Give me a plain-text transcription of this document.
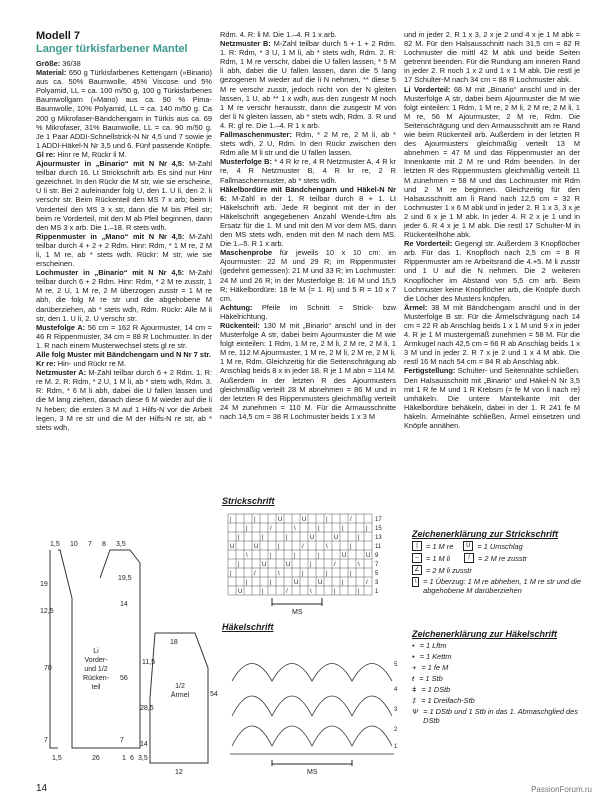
Modell 7

Langer türkisfarbener Mantel

Größe: 36/38

Material: 650 g Türkisfarbenes Kettengarn (»Binario) aus ca. 50% Baumwolle, 45% Viscose und 5% Polyamid, LL = ca. 100 m/50 g, 100 g Türkisfarbenes Baumwollgarn (»Mano) aus ca. 90 % Pima-Baumwolle, 10% Polyamid, LL = ca. 140 m/50 g. Ca 200 g Mikrofaser-Bändchengarn in Türkis aus ca. 69 % Mikrofaser, 31% Baumwolle, LL = ca. 90 m/50 g. Je 1 Paar ADDI-Schnellstrick-N Nr 4,5 und 7 sowie je 1 ADDI-Häkel-N Nr 3,5 und 6. Fünf passende Knöpfe.

Gl re: Hinr re M, Rückr li M.

Ajourmuster in „Binario“ mit N Nr 4,5: M-Zahl teilbar durch 16. Lt Strickschrift arb. Es sind nur Hinr gezeichnet. In den Rückr die M str, wie sie erscheine, U li str. Bei 2 aufeinander folg U, den 1. U li, den 2. li verschr str. Beim Rückenteil den MS 7 x arb; beim li Vorderteil den MS 3 x str, dann die M bis Pfeil str; beim re Vorderteil, mit den M ab Pfeil beginnen, dann den MS 3 x arb. Die 1.–18. R stets wdh.

Rippenmuster in „Mano“ mit N Nr 4,5: M-Zahl teilbar durch 4 + 2 + 2 Rdm. Hinr: Rdm, * 1 M re, 2 M li, 1 M re, ab * stets wdh. Rückr: M str, wie sie erscheinen.

Lochmuster in „Binario“ mit N Nr 4,5: M-Zahl teilbar durch 6 + 2 Rdm. Hinr: Rdm, * 2 M re zusstr, 1 M re, 2 U, 1 M re, 2 M überzogen zusstr = 1 M re abh, die folg M re str und die abgehobene M darüberziehen, ab * stets wdh, Rdm. Rückr: Alle M li str, den 1. U li, 2. U verschr str.

Mustefolge A: 56 cm = 162 R Ajourmuster, 14 cm = 46 R Rippenmuster, 34 cm = 88 R Lochmuster. In der 1. R nach einem Musterwechsel stets gl re str.

Alle folg Muster mit Bändchengarn und N Nr 7 str.

Kr re: Hin- und Rückr re M.

Netzmuster A: M-Zahl teilbar durch 6 + 2 Rdm. 1. R: re M. 2. R: Rdm, * 2 U, 1 M li, ab * stets wdh, Rdm. 3. R: Rdm, * 6 M li abh, dabei die U fallen lassen und die M lang ziehen, danach diese 6 M wieder auf die li N heben; die ersten 3 M auf 1 Hilfs-N vor die Arbeit legen, 3 M re str und die M der Hilfs-N re str, ab * stets wdh,

Rdm. 4. R: li M. Die 1.–4. R 1 x arb.

Netzmuster B: M-Zahl teilbar durch 5 + 1 + 2 Rdm. 1. R: Rdm, * 3 U, 1 M li, ab * stets wdh, Rdm. 2. R: Rdm, 1 M re verschr, dabei die U fallen lassen, * 5 M li abh, dabei die U fallen lassen, dann die 5 lang gezogenen M wieder auf die li N nehmen, ** diese 5 M re verschr zusstr, jedoch nicht von der N gleiten lassen, 1 U, ab ** 1 x wdh, aus den zusgestr M noch 1 M re verschr herausstr, dann die zusgestr M von der li N gleiten lassen, ab * stets wdh, Rdm. 3. R und 4. R: gl re. Die 1.–4. R 1 x arb.

Fallmaschenmuster: Rdm, * 2 M re, 2 M li, ab * stets wdh, 2 U, Rdm. In den Rückr zwischen den Rdm alle M li str und die U fallen lassen.

Musterfolge B: * 4 R kr re, 4 R Netzmuster A, 4 R kr re, 4 R Netzmuster B, 4 R kr re, 2 R Fallmaschenmuster, ab * stets wdh.

Häkelbordüre mit Bändchengarn und Häkel-N Nr 6: M-Zahl in der 1. R teilbar durch 8 + 1. Lt Häkelschrift arb. Jede R beginnt mit der in der Häkelschrift angegebenen Anzahl Wende-Lftm als Ersatz für die 1. M und mit den M vor dem MS, dann den MS stets wdh, enden mit den M nach dem MS. Die 1.–5. R 1 x arb.

Maschenprobe für jeweils 10 x 10 cm: im Ajourmuster: 22 M und 29 R; im Rippenmuster (gedehnt gemessen): 21 M und 33 R; im Lochmuster: 24 M und 26 R; in der Musterfolge B: 16 M und 15,5 R; Häkelbordüre: 18 fe M (= 1. R) und 5 R = 10 x 7 cm.

Achtung: Pfeile im Schnitt = Strick- bzw Häkelrichtung.

Rückenteil: 130 M mit „Binario“ anschl und in der Musterfolge A str, dabei beim Ajourmuster die M wie folgt einteilen: 1 Rdm, 1 M re, 2 M li, 2 M re, 2 M li, 1 M re, 112 M Ajourmuster, 1 M re, 2 M li, 2 M re, 2 M li, 1 M re, Rdm. Gleichzeitig für die Seitenschrägung ab Anschlag beids 8 x in jeder 18. R je 1 M abn = 114 M. Außerdem in der letzten R des Ajourmusters gleichmäßig verteilt 28 M abnehmen = 86 M und in der letzten R des Rippenmusters gleichmäßig verteilt 24 M zunehmen = 110 M. Für die Armausschnitte nach 14,5 cm = 38 R Lochmuster beids 1 x 3 M

und in jeder 2. R 1 x 3, 2 x je 2 und 4 x je 1 M abk = 82 M. Für den Halsausschnitt nach 31,5 cm = 82 R Lochmuster die mittl 42 M abk und beide Seiten getrennt beenden. Für die Rundung am inneren Rand in jeder 2. R noch 1 x 2 und 1 x 1 M abk. Die restl je 17 Schulter-M nach 34 cm = 88 R Lochmuster abk.

Li Vorderteil: 68 M mit „Binario“ anschl und in der Musterfolge A str, dabei beim Ajourmuster die M wie folgt einteilen: 1 Rdm, 1 M re, 2 M li, 2 M re, 2 M li, 1 M re, 56 M Ajourmuster, 2 M re, Rdm. Die Seitenschrägung und den Armausschnitt am re Rand wie beim Rückenteil arb. Außerdem in der letzten R des Ajourmusters gleichmäßig verteilt 13 M abnehmen = 47 M und das Rippenmuster an der Innenkante mit 2 M re und Rdm beenden. In der letzten R des Rippenmusters gleichmäßig verteilt 11 M zunehmen = 58 M und das Lochmuster mit Rdm und 2 M re beginnen. Gleichzeitig für den Halsausschnitt am li Rand nach 12,5 cm = 32 R Lochmuster 1 x 6 M abk und in jeder 2. R 1 x 3, 3 x je 2 und 6 x je 1 M abk. In jeder 4. R 2 x je 1 und in jeder 6. R 4 x je 1 M abk. Die restl 17 Schulter-M in Rückenteilhöhe abk.

Re Vorderteil: Gegengl str. Außerdem 3 Knopflöcher arb. Für das 1. Knopfloch nach 2,5 cm = 8 R Rippenmuster am re Arbeitsrand die 4.+5. M li zusstr und 1 U auf die N nehmen. Die 2 weiteren Knopflöcher im Abstand von 5,5 cm arb. Beim Lochmuster keine Knopflöcher arb, die Knöpfe durch die Löcher des Musters knöpfen.

Ärmel: 38 M mit Bändchengarn anschl und in der Musterfolge B str. Für die Ärmelschrägung nach 14 cm = 22 R ab Anschlag beids 1 x 1 M und 9 x in jeder 4. R je 1 M mustergemäß zunehmen = 58 M. Für die Armkugel nach 42,5 cm = 66 R ab Anschlag beids 1 x 3 M und in jeder 2. R 7 x je 2 und 1 x 4 M abk. Die restl 16 M nach 54 cm = 84 R ab Anschlag abk.

Fertigstellung: Schulter- und Seitennähte schließen. Den Halsausschnitt mit „Binario“ und Häkel-N Nr 3,5 mit 1 R fe M und 1 R Krebsm (= fe M von li nach re) umhäkeln. Die untere Mantelkante mit der Häkelbordüre behäkeln, dabei in der 1. R 241 fe M häkeln. Ärmelnähte schließen, Ärmel einsetzen und Knöpfe annähen.

1,5 10 7 8 3,5
19
12,5
70
7
19,5
14
56
7
Li
Vorder-
und 1/2
Rücken-
teil
1,5	26	1 6 3,5
1/2
Ärmel
18
11,5
28,5
14
12
54
Strickschrift
|	|	U	U	|	/	17
|	/	\	|	|	| 15
|	|	|	U	U	|	13
U	U	|	/	\	|	11
\	|	|	|	U	U 9
|	U	U	|	/	\	7
|	/	\	|	|	|	5
|	|	U	U	|	/ 3
U	|	/	\	|	|	1
MS
Zeichenerklärung zur Strickschrift
|	= 1 M re	U = 1 Umschlag
– = 1 M li	/	= 2 M re zusstr
∠ = 2 M li zusstr
\ = 1 Überzug: 1 M re abheben, 1 M re str und die abgehobene M darüberziehen
Häkelschrift
5
4
3
2
1
MS
Zeichenerklärung zur Häkelschrift
• = 1 Lftm
▪ = 1 Kettm
+ = 1 fe M
ŧ = 1 Stb
ǂ = 1 DStb
‡ = 1 Dreifach-Stb
Ѱ = 1 DStb und 1 Stb in das 1. Abmaschglied des DStb
14	PassionForum.ru
